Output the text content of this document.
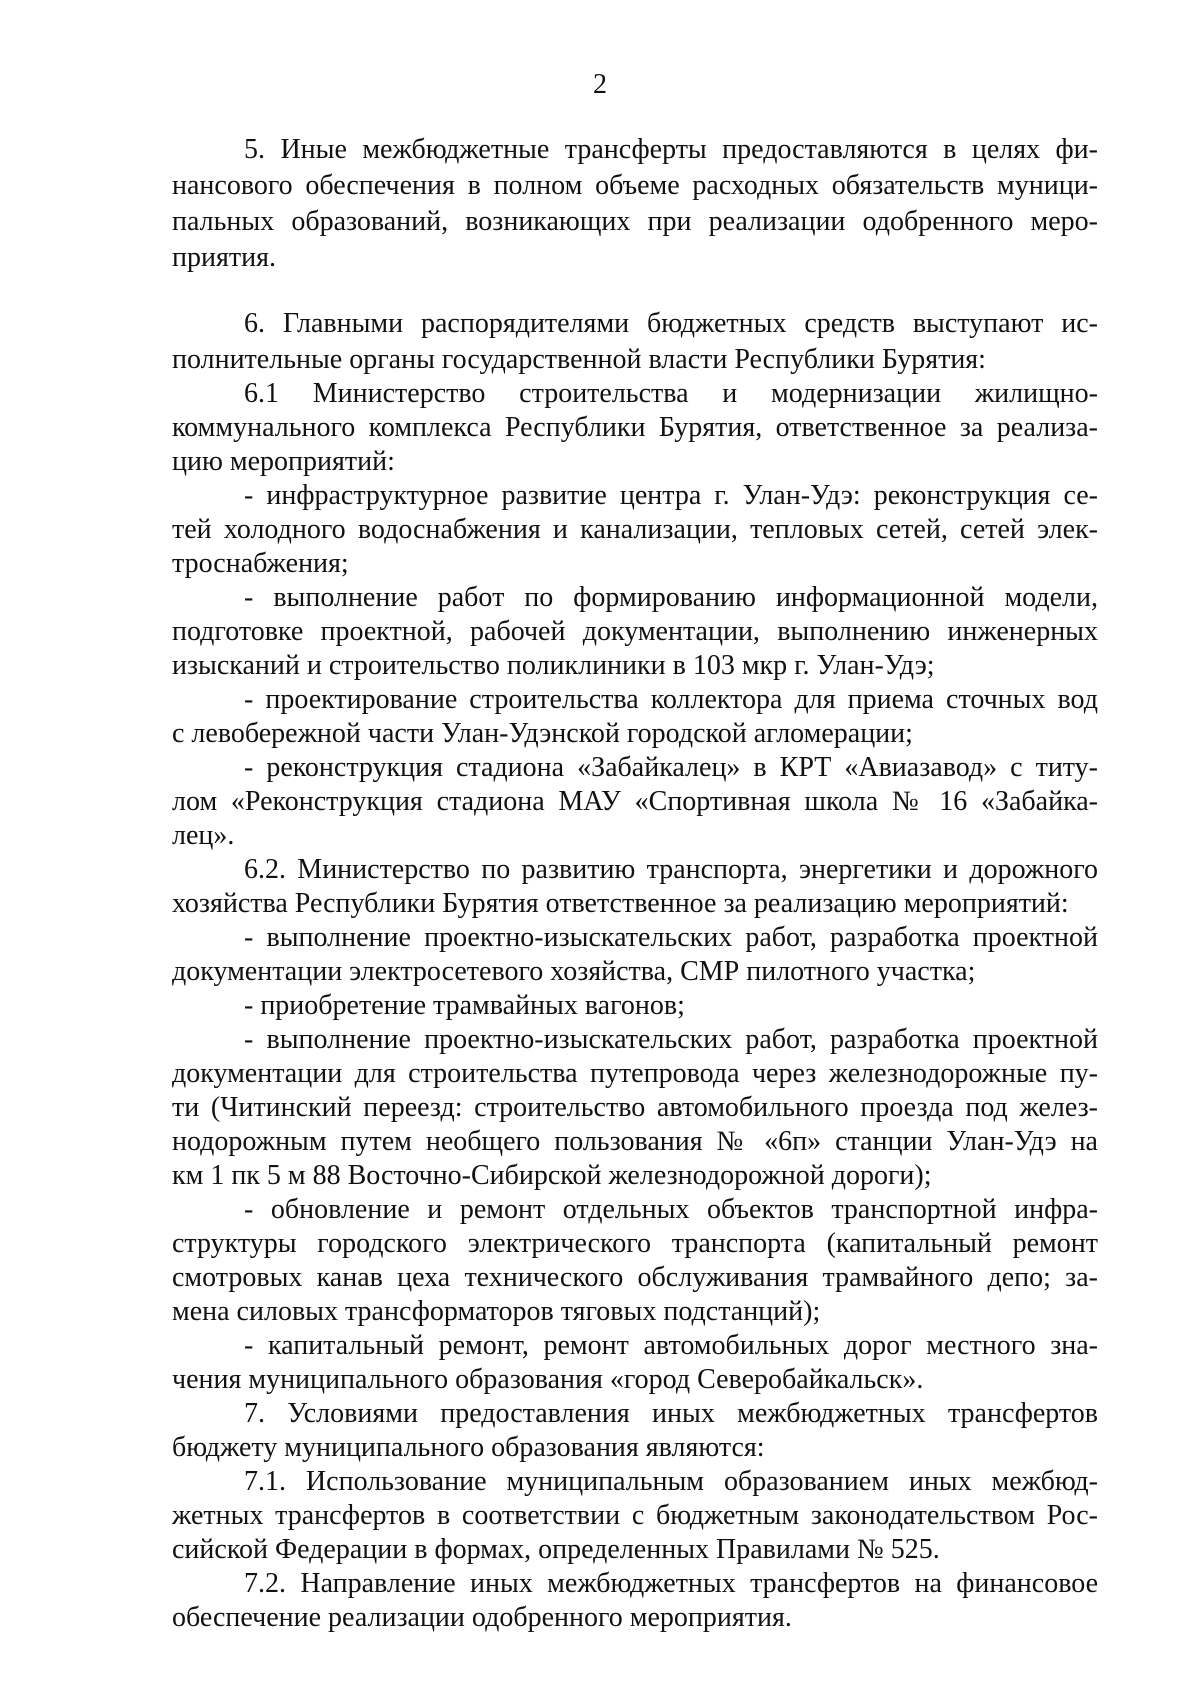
2
5. Иные межбюджетные трансферты предоставляются в целях фи-
нансового обеспечения в полном объеме расходных обязательств муници-
пальных образований, возникающих при реализации одобренного меро-
приятия.
6. Главными распорядителями бюджетных средств выступают ис-
полнительные органы государственной власти Республики Бурятия:
6.1 Министерство строительства и модернизации жилищно-
коммунального комплекса Республики Бурятия, ответственное за реализа-
цию мероприятий:
- инфраструктурное развитие центра г. Улан-Удэ: реконструкция се-
тей холодного водоснабжения и канализации, тепловых сетей, сетей элек-
троснабжения;
- выполнение работ по формированию информационной модели,
подготовке проектной, рабочей документации, выполнению инженерных
изысканий и строительство поликлиники в 103 мкр г. Улан-Удэ;
- проектирование строительства коллектора для приема сточных вод
с левобережной части Улан-Удэнской городской агломерации;
- реконструкция стадиона «Забайкалец» в КРТ «Авиазавод» с титу-
лом «Реконструкция стадиона МАУ «Спортивная школа № 16 «Забайка-
лец».
6.2. Министерство по развитию транспорта, энергетики и дорожного
хозяйства Республики Бурятия ответственное за реализацию мероприятий:
- выполнение проектно-изыскательских работ, разработка проектной
документации электросетевого хозяйства, СМР пилотного участка;
- приобретение трамвайных вагонов;
- выполнение проектно-изыскательских работ, разработка проектной
документации для строительства путепровода через железнодорожные пу-
ти (Читинский переезд: строительство автомобильного проезда под желез-
нодорожным путем необщего пользования № «6п» станции Улан-Удэ на
км 1 пк 5 м 88 Восточно-Сибирской железнодорожной дороги);
- обновление и ремонт отдельных объектов транспортной инфра-
структуры городского электрического транспорта (капитальный ремонт
смотровых канав цеха технического обслуживания трамвайного депо; за-
мена силовых трансформаторов тяговых подстанций);
- капитальный ремонт, ремонт автомобильных дорог местного зна-
чения муниципального образования «город Северобайкальск».
7. Условиями предоставления иных межбюджетных трансфертов
бюджету муниципального образования являются:
7.1. Использование муниципальным образованием иных межбюд-
жетных трансфертов в соответствии с бюджетным законодательством Рос-
сийской Федерации в формах, определенных Правилами № 525.
7.2. Направление иных межбюджетных трансфертов на финансовое
обеспечение реализации одобренного мероприятия.
